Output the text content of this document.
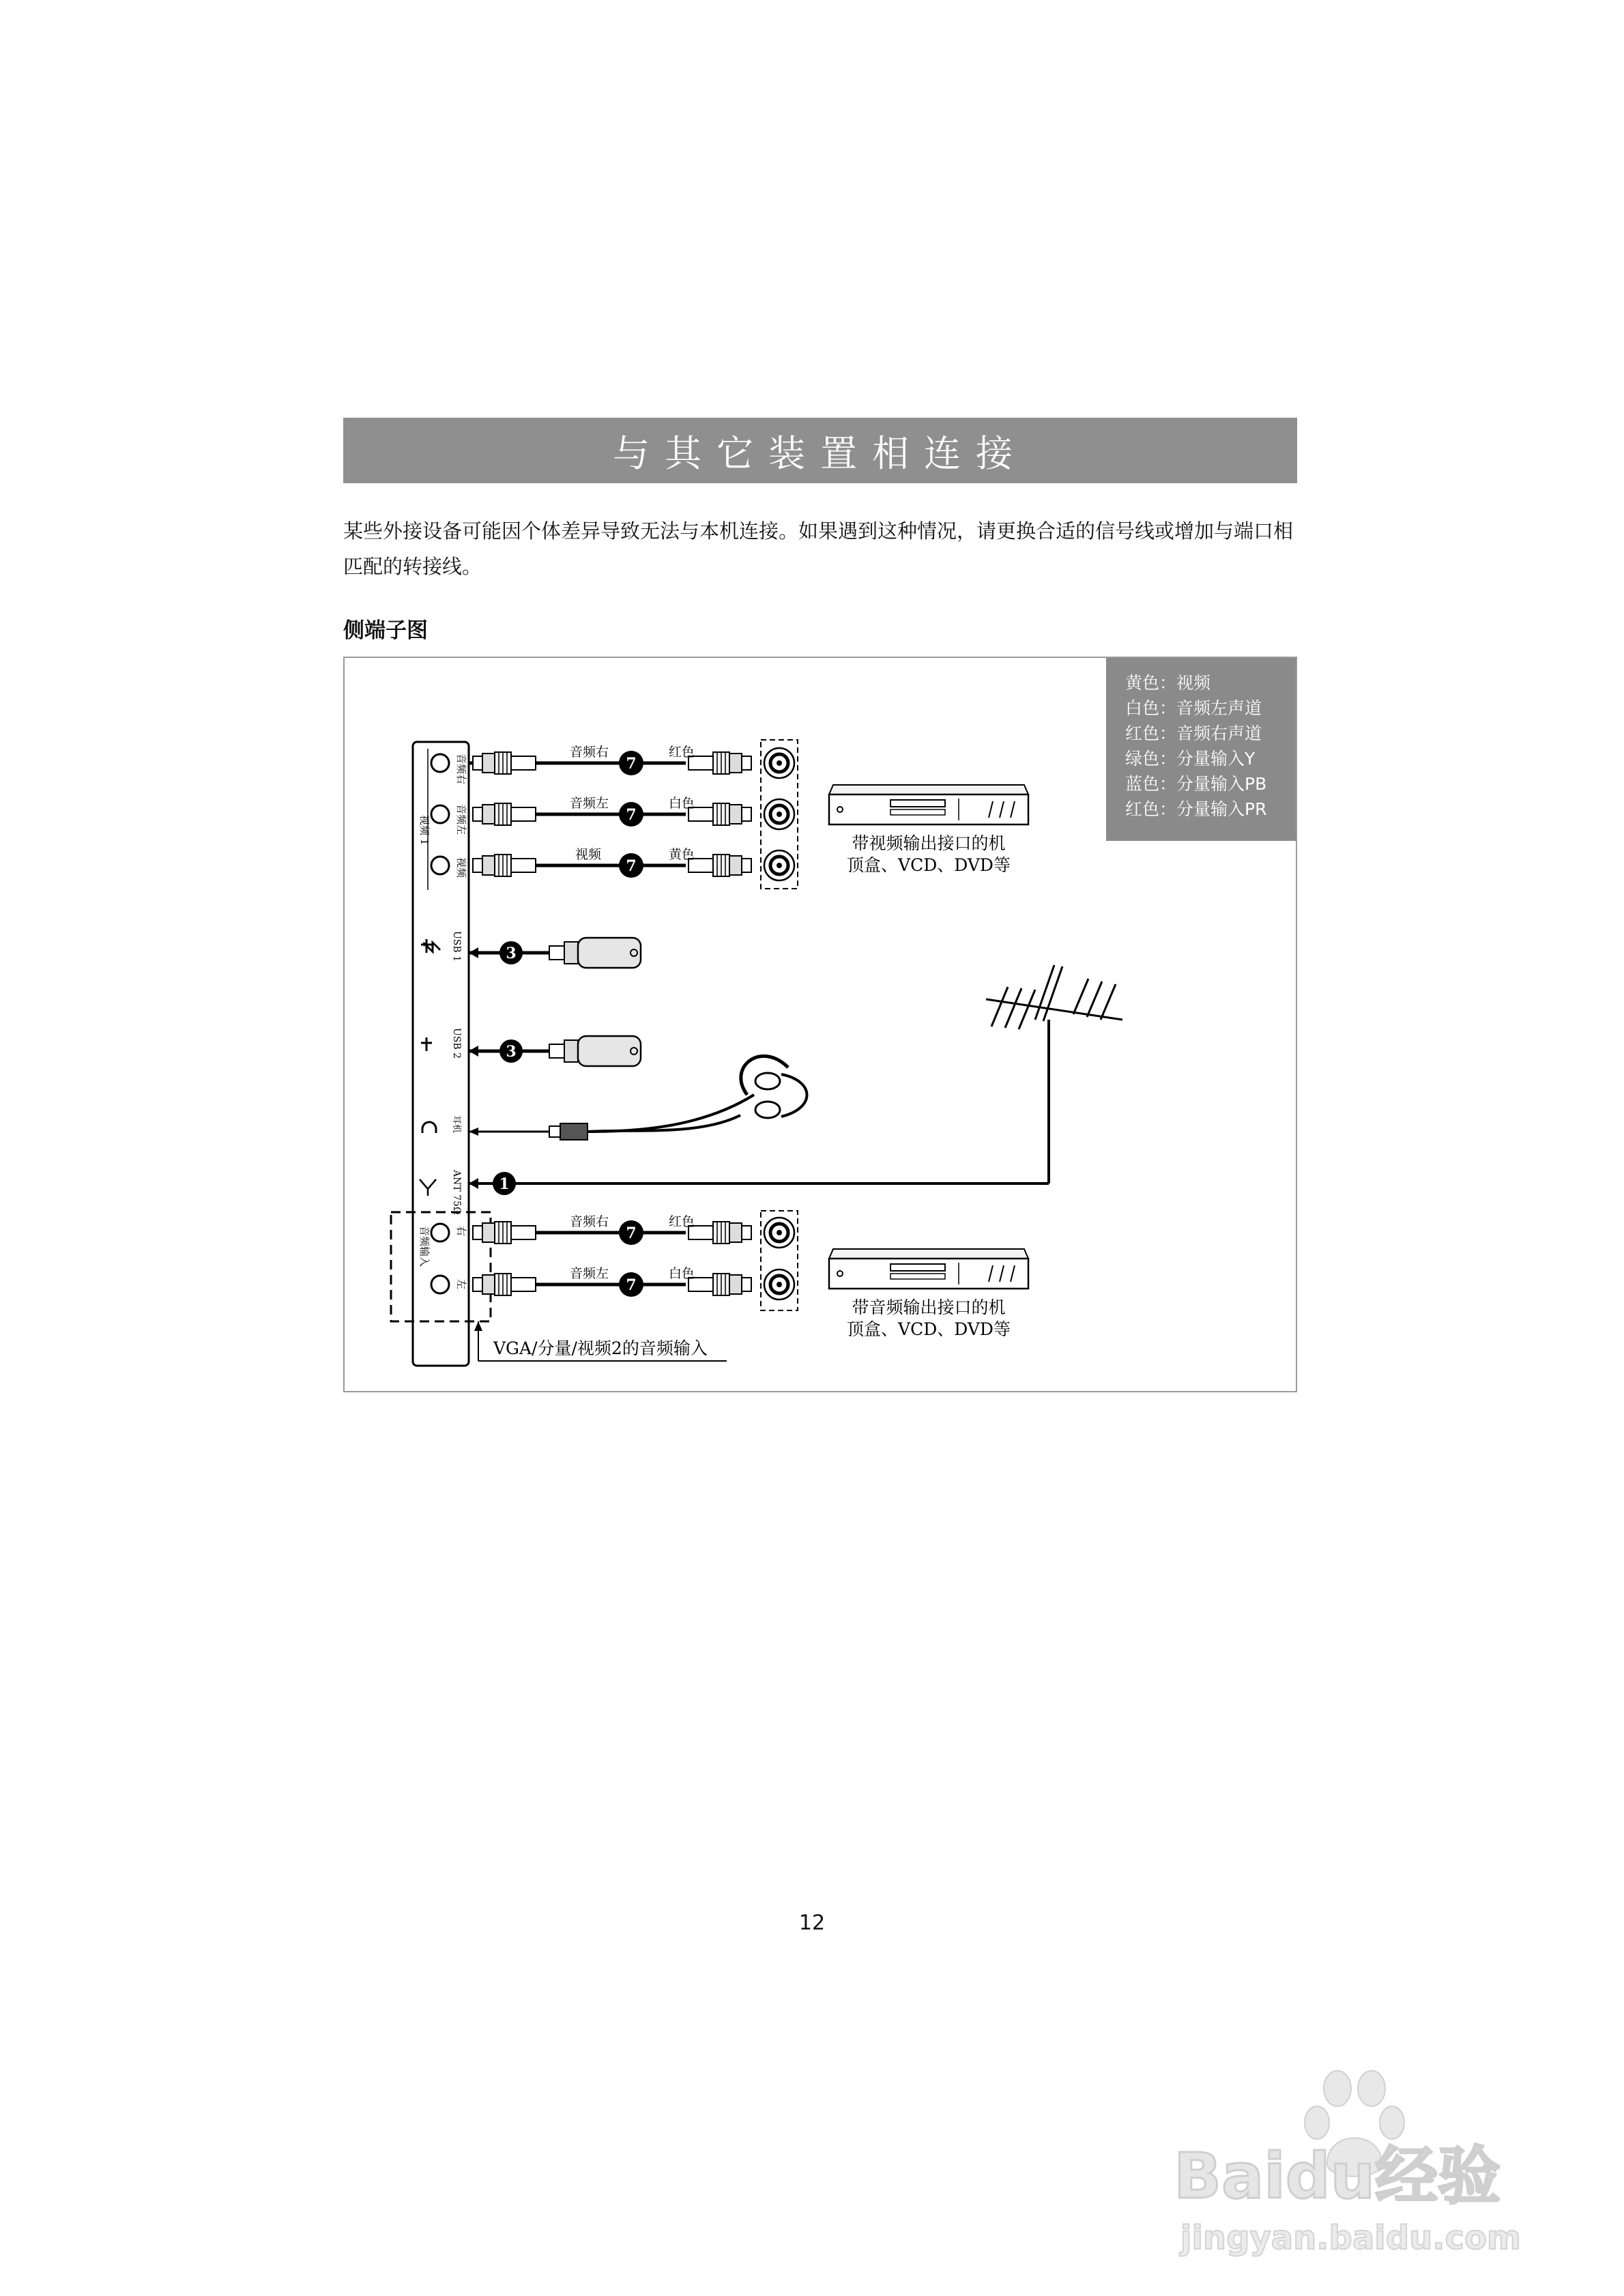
与其它装置相连接
某些外接设备可能因个体差异导致无法与本机连接。如果遇到这种情况，请更换合适的信号线或增加与端口相匹配的转接线。
侧端子图
视频 1
音频右
音频左
视频
7
音频右	红色
7
音频左	白色
7
视频	黄色
带视频输出接口的机
顶盒、VCD、DVD等
⭍ USB 1	3
USB 2	3
耳机
ANT 75Ω 1
音频输入 右
左
7
音频右	红色
7
音频左	白色
带音频输出接口的机
顶盒、VCD、DVD等
VGA/分量/视频2的音频输入
黄色：视频
白色：音频左声道
红色：音频右声道
绿色：分量输入Y
蓝色：分量输入PB
红色：分量输入PR
12
Baidu经验
jingyan.baidu.com
